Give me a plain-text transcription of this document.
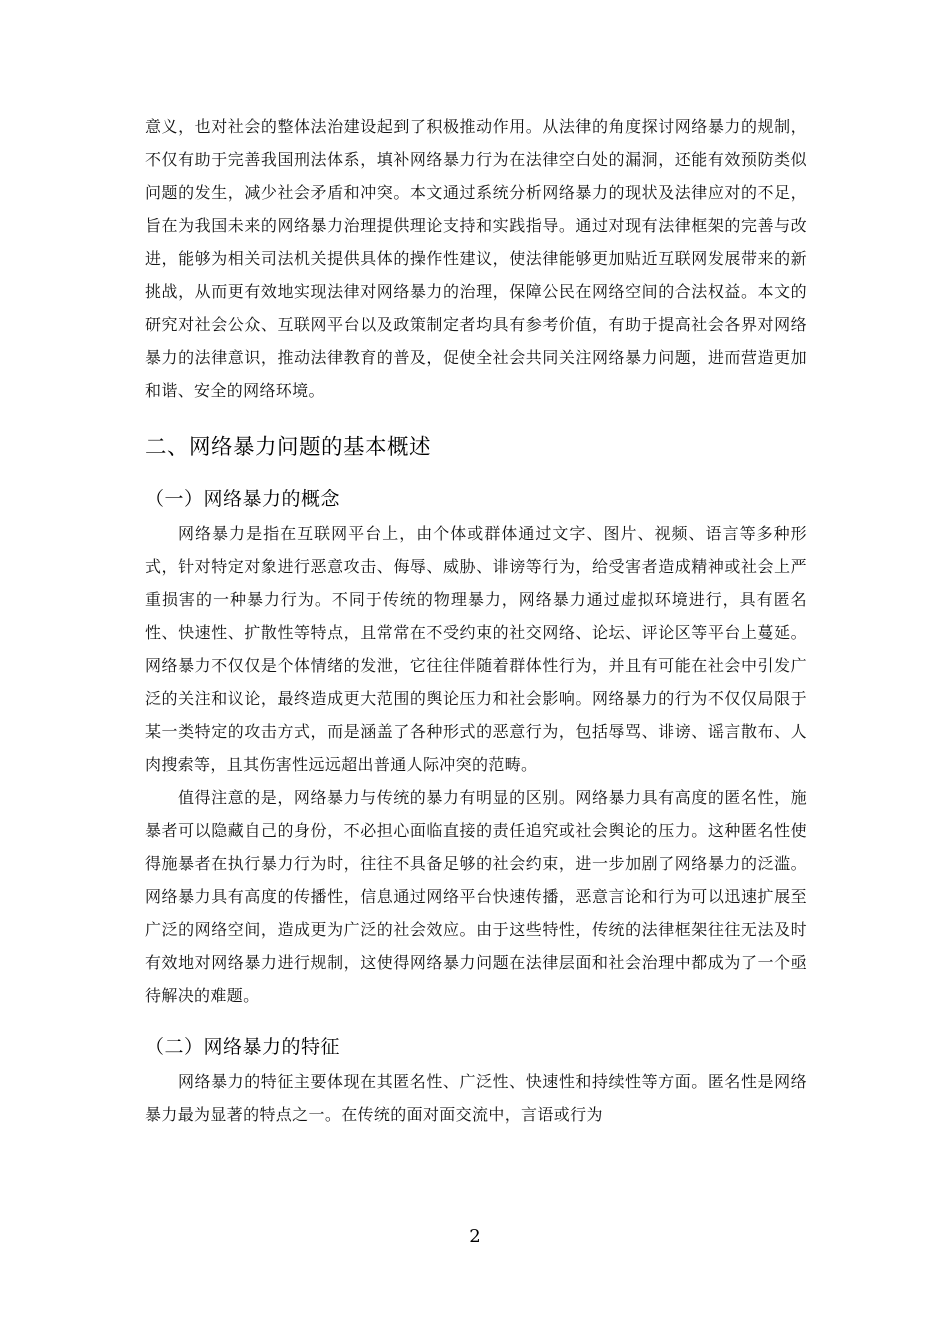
意义，也对社会的整体法治建设起到了积极推动作用。从法律的角度探讨网络暴力的规制，不仅有助于完善我国刑法体系，填补网络暴力行为在法律空白处的漏洞，还能有效预防类似问题的发生，减少社会矛盾和冲突。本文通过系统分析网络暴力的现状及法律应对的不足，旨在为我国未来的网络暴力治理提供理论支持和实践指导。通过对现有法律框架的完善与改进，能够为相关司法机关提供具体的操作性建议，使法律能够更加贴近互联网发展带来的新挑战，从而更有效地实现法律对网络暴力的治理，保障公民在网络空间的合法权益。本文的研究对社会公众、互联网平台以及政策制定者均具有参考价值，有助于提高社会各界对网络暴力的法律意识，推动法律教育的普及，促使全社会共同关注网络暴力问题，进而营造更加和谐、安全的网络环境。

二、网络暴力问题的基本概述
（一）网络暴力的概念

网络暴力是指在互联网平台上，由个体或群体通过文字、图片、视频、语言等多种形式，针对特定对象进行恶意攻击、侮辱、威胁、诽谤等行为，给受害者造成精神或社会上严重损害的一种暴力行为。不同于传统的物理暴力，网络暴力通过虚拟环境进行，具有匿名性、快速性、扩散性等特点，且常常在不受约束的社交网络、论坛、评论区等平台上蔓延。网络暴力不仅仅是个体情绪的发泄，它往往伴随着群体性行为，并且有可能在社会中引发广泛的关注和议论，最终造成更大范围的舆论压力和社会影响。网络暴力的行为不仅仅局限于某一类特定的攻击方式，而是涵盖了各种形式的恶意行为，包括辱骂、诽谤、谣言散布、人肉搜索等，且其伤害性远远超出普通人际冲突的范畴。

值得注意的是，网络暴力与传统的暴力有明显的区别。网络暴力具有高度的匿名性，施暴者可以隐藏自己的身份，不必担心面临直接的责任追究或社会舆论的压力。这种匿名性使得施暴者在执行暴力行为时，往往不具备足够的社会约束，进一步加剧了网络暴力的泛滥。网络暴力具有高度的传播性，信息通过网络平台快速传播，恶意言论和行为可以迅速扩展至广泛的网络空间，造成更为广泛的社会效应。由于这些特性，传统的法律框架往往无法及时有效地对网络暴力进行规制，这使得网络暴力问题在法律层面和社会治理中都成为了一个亟待解决的难题。

（二）网络暴力的特征

网络暴力的特征主要体现在其匿名性、广泛性、快速性和持续性等方面。匿名性是网络暴力最为显著的特点之一。在传统的面对面交流中，言语或行为

2
